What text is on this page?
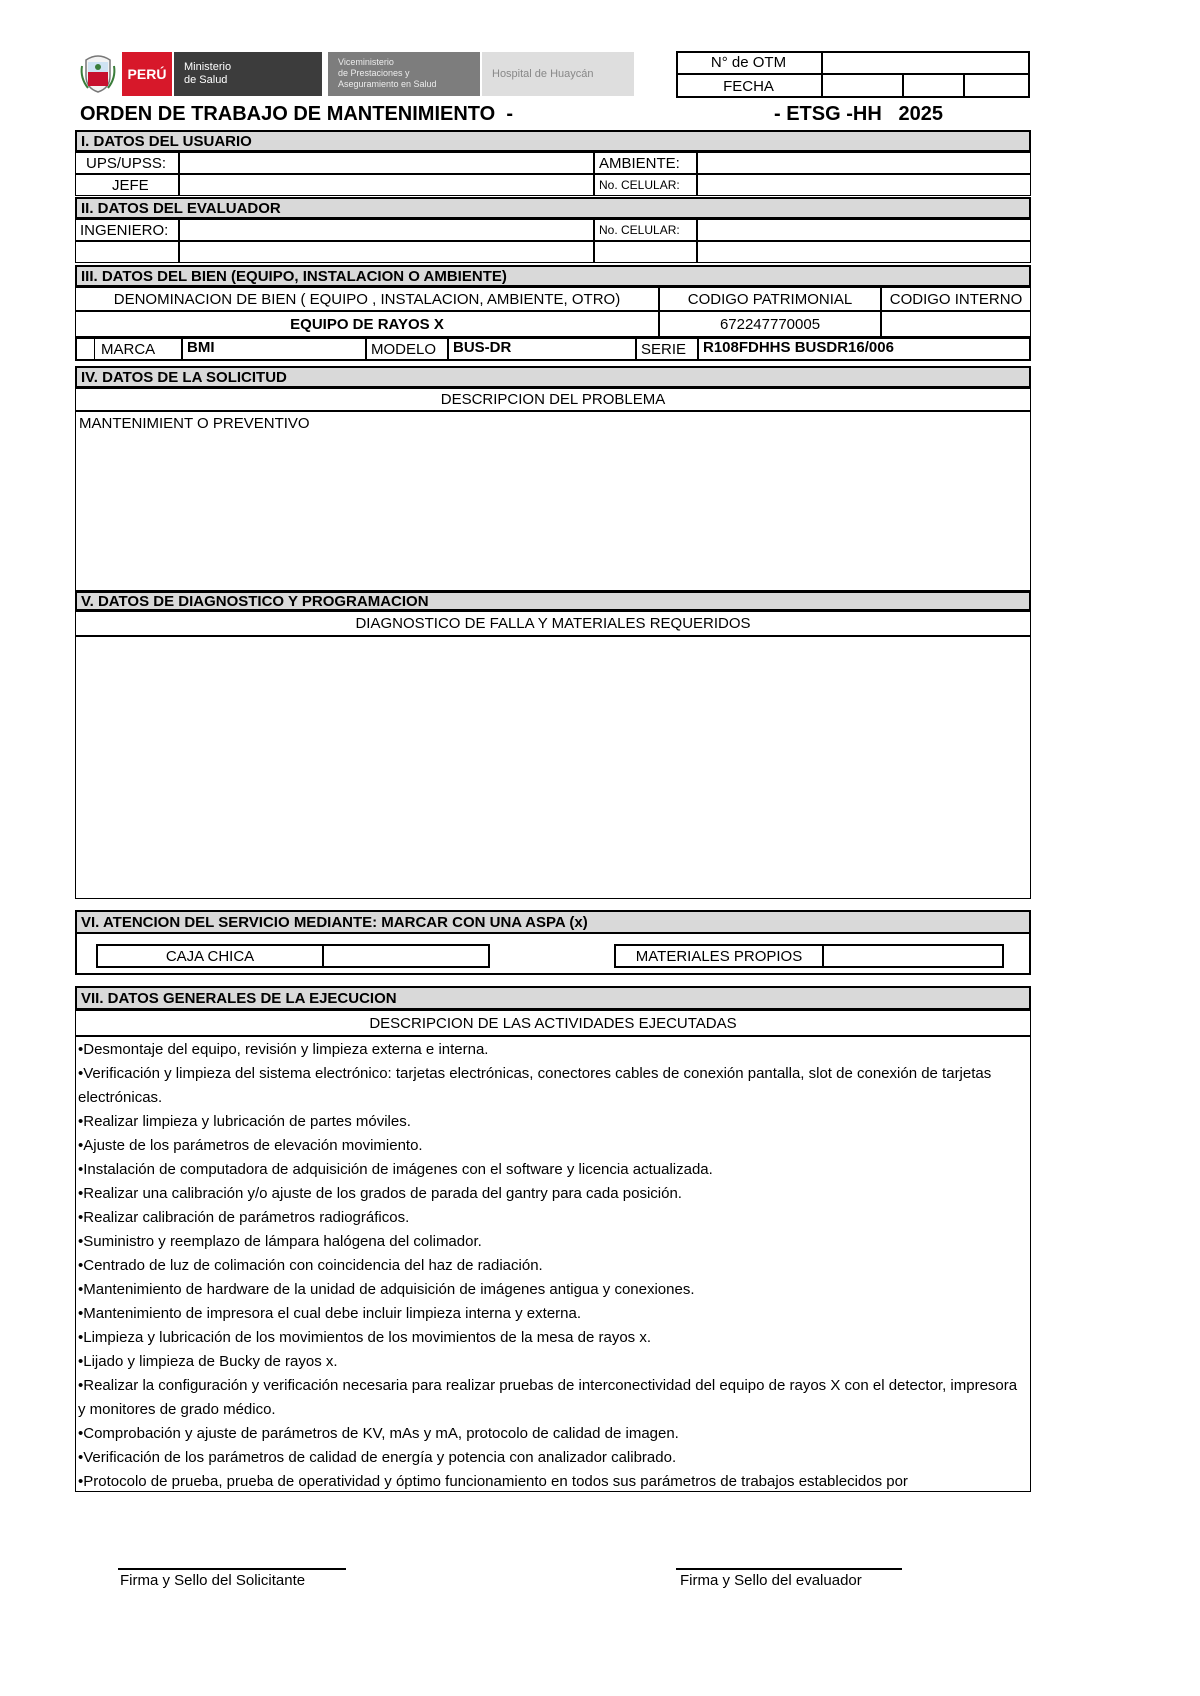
PERÚ Ministerio
de Salud
Viceministerio
de Prestaciones y
Aseguramiento en Salud
Hospital de Huaycán
N° de OTM
FECHA
ORDEN DE TRABAJO DE MANTENIMIENTO  -	- ETSG -HH   2025
I. DATOS DEL USUARIO
UPS/UPSS:	AMBIENTE:
JEFE	No. CELULAR:
II. DATOS DEL EVALUADOR
INGENIERO:	No. CELULAR:
III. DATOS DEL BIEN (EQUIPO, INSTALACION O AMBIENTE)
DENOMINACION DE BIEN ( EQUIPO , INSTALACION, AMBIENTE, OTRO)	CODIGO PATRIMONIAL	CODIGO INTERNO
EQUIPO DE RAYOS X	672247770005
MARCA	BMI	MODELO	BUS-DR	SERIE	R108FDHHS BUSDR16/006
IV. DATOS DE LA SOLICITUD
DESCRIPCION DEL PROBLEMA
MANTENIMIENT O PREVENTIVO
V. DATOS DE DIAGNOSTICO Y PROGRAMACION
DIAGNOSTICO DE FALLA Y MATERIALES REQUERIDOS
VI. ATENCION DEL SERVICIO MEDIANTE: MARCAR CON UNA ASPA (x)
CAJA CHICA	MATERIALES PROPIOS
VII. DATOS GENERALES DE LA EJECUCION
DESCRIPCION DE LAS ACTIVIDADES EJECUTADAS
•Desmontaje del equipo, revisión y limpieza externa e interna.
•Verificación y limpieza del sistema electrónico: tarjetas electrónicas, conectores cables de conexión pantalla, slot de conexión de tarjetas electrónicas.
•Realizar limpieza y lubricación de partes móviles.
•Ajuste de los parámetros de elevación movimiento.
•Instalación de computadora de adquisición de imágenes con el software y licencia actualizada.
•Realizar una calibración y/o ajuste de los grados de parada del gantry para cada posición.
•Realizar calibración de parámetros radiográficos.
•Suministro y reemplazo de lámpara halógena del colimador.
•Centrado de luz de colimación con coincidencia del haz de radiación.
•Mantenimiento de hardware de la unidad de adquisición de imágenes antigua y conexiones.
•Mantenimiento de impresora el cual debe incluir limpieza interna y externa.
•Limpieza y lubricación de los movimientos de los movimientos de la mesa de rayos x.
•Lijado y limpieza de Bucky de rayos x.
•Realizar la configuración y verificación necesaria para realizar pruebas de interconectividad del equipo de rayos X con el detector, impresora y monitores de grado médico.
•Comprobación y ajuste de parámetros de KV, mAs y mA, protocolo de calidad de imagen.
•Verificación de los parámetros de calidad de energía y potencia con analizador calibrado.
•Protocolo de prueba, prueba de operatividad y óptimo funcionamiento en todos sus parámetros de trabajos establecidos por
Firma y Sello del Solicitante	Firma y Sello del evaluador
